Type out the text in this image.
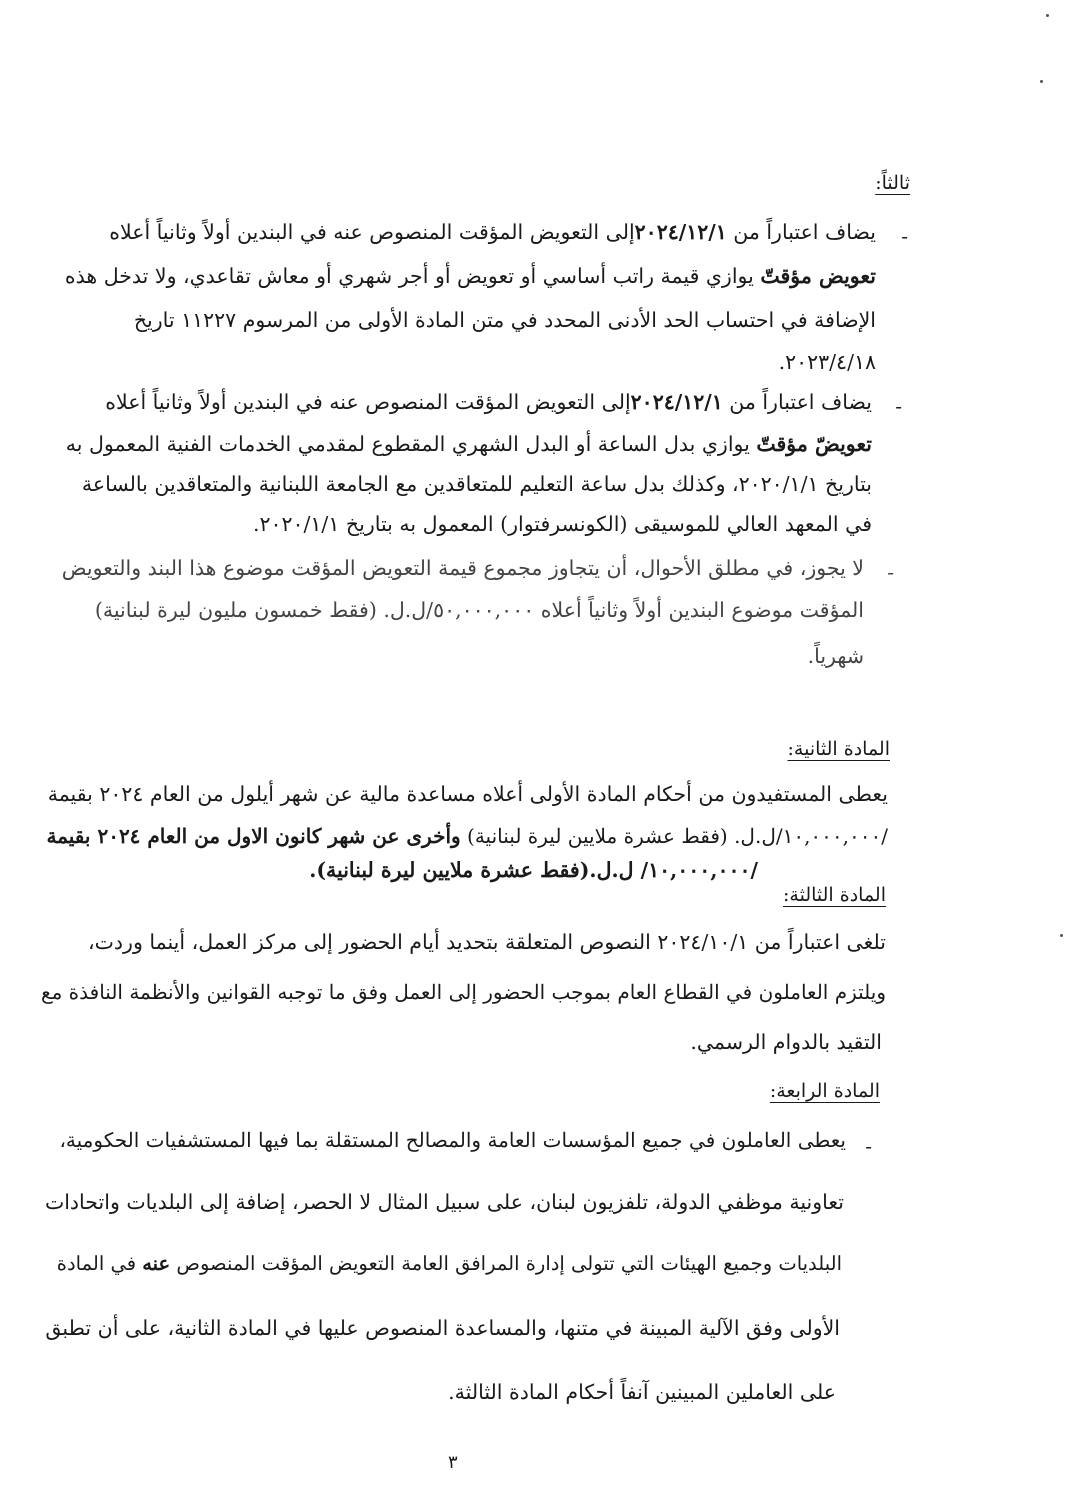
ثالثاً:
-
يضاف اعتباراً من ٢٠٢٤/١٢/١إلى التعويض المؤقت المنصوص عنه في البندين أولاً وثانياً أعلاه
تعويض مؤقتّ يوازي قيمة راتب أساسي أو تعويض أو أجر شهري أو معاش تقاعدي، ولا تدخل هذه
الإضافة في احتساب الحد الأدنى المحدد في متن المادة الأولى من المرسوم ١١٢٢٧ تاريخ
٢٠٢٣/٤/١٨.
-
يضاف اعتباراً من ٢٠٢٤/١٢/١إلى التعويض المؤقت المنصوص عنه في البندين أولاً وثانياً أعلاه
تعويضّ مؤقتّ يوازي بدل الساعة أو البدل الشهري المقطوع لمقدمي الخدمات الفنية المعمول به
بتاريخ ٢٠٢٠/١/١، وكذلك بدل ساعة التعليم للمتعاقدين مع الجامعة اللبنانية والمتعاقدين بالساعة
في المعهد العالي للموسيقى (الكونسرفتوار) المعمول به بتاريخ ٢٠٢٠/١/١.
-
لا يجوز، في مطلق الأحوال، أن يتجاوز مجموع قيمة التعويض المؤقت موضوع هذا البند والتعويض
المؤقت موضوع البندين أولاً وثانياً أعلاه ٥٠,٠٠٠,٠٠٠/ل.ل. (فقط خمسون مليون ليرة لبنانية)
شهرياً.
المادة الثانية:
يعطى المستفيدون من أحكام المادة الأولى أعلاه مساعدة مالية عن شهر أيلول من العام ٢٠٢٤ بقيمة
/١٠,٠٠٠,٠٠٠/ل.ل. (فقط عشرة ملايين ليرة لبنانية) وأخرى عن شهر كانون الاول من العام ٢٠٢٤ بقيمة
/١٠,٠٠٠,٠٠٠/ ل.ل.(فقط عشرة ملايين ليرة لبنانية).
المادة الثالثة:
تلغى اعتباراً من ٢٠٢٤/١٠/١ النصوص المتعلقة بتحديد أيام الحضور إلى مركز العمل، أينما وردت،
ويلتزم العاملون في القطاع العام بموجب الحضور إلى العمل وفق ما توجبه القوانين والأنظمة النافذة مع
التقيد بالدوام الرسمي.
المادة الرابعة:
-
يعطى العاملون في جميع المؤسسات العامة والمصالح المستقلة بما فيها المستشفيات الحكومية،
تعاونية موظفي الدولة، تلفزيون لبنان، على سبيل المثال لا الحصر، إضافة إلى البلديات واتحادات
البلديات وجميع الهيئات التي تتولى إدارة المرافق العامة التعويض المؤقت المنصوص عنه في المادة
الأولى وفق الآلية المبينة في متنها، والمساعدة المنصوص عليها في المادة الثانية، على أن تطبق
على العاملين المبينين آنفاً أحكام المادة الثالثة.
٣
